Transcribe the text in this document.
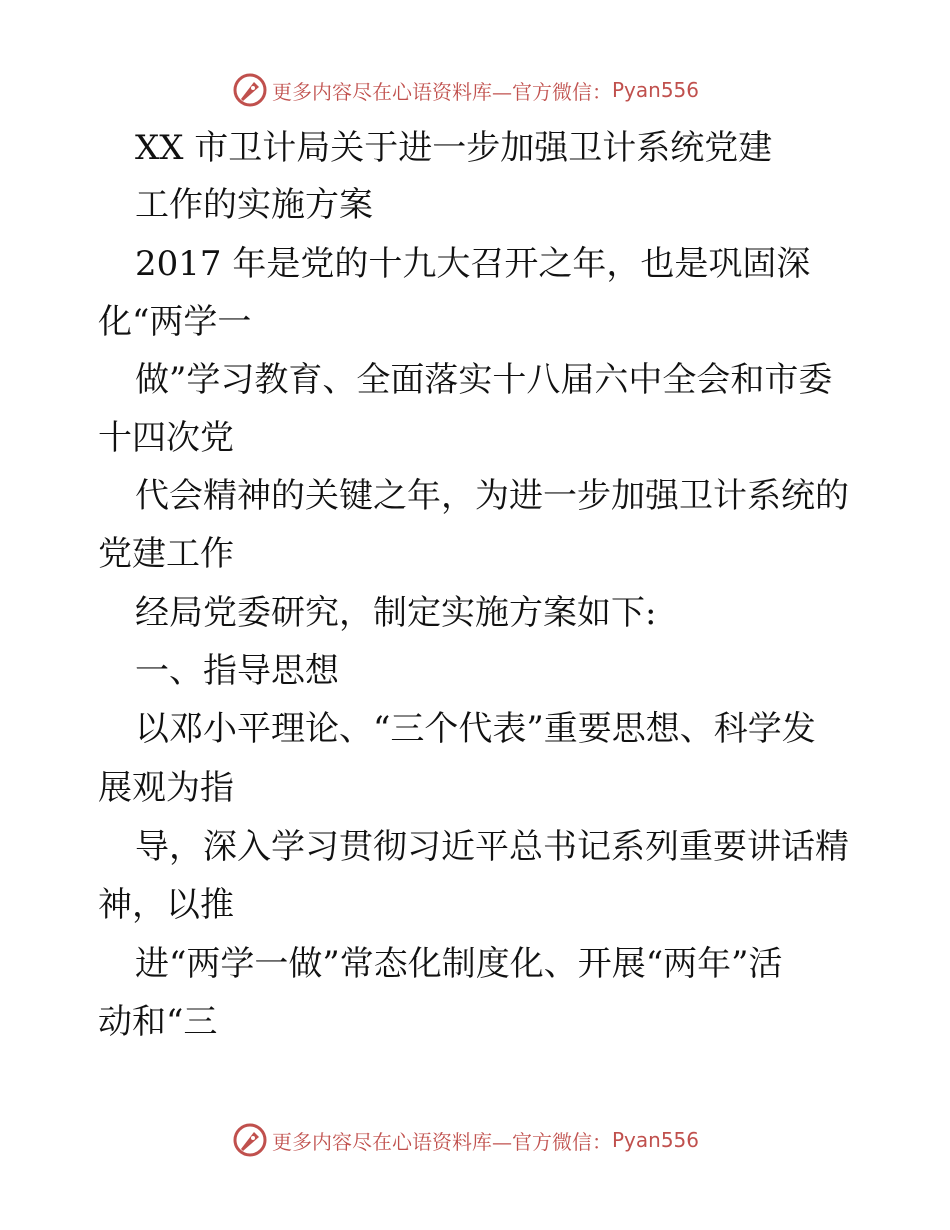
更多内容尽在心语资料库—官方微信： Pyan556
XX 市卫计局关于进一步加强卫计系统党建
工作的实施方案
2017 年是党的十九大召开之年，也是巩固深
化“两学一
做”学习教育、全面落实十八届六中全会和市委
十四次党
代会精神的关键之年，为进一步加强卫计系统的
党建工作
经局党委研究，制定实施方案如下:
一、指导思想
以邓小平理论、“三个代表”重要思想、科学发
展观为指
导，深入学习贯彻习近平总书记系列重要讲话精
神，以推
进“两学一做”常态化制度化、开展“两年”活
动和“三
更多内容尽在心语资料库—官方微信： Pyan556
